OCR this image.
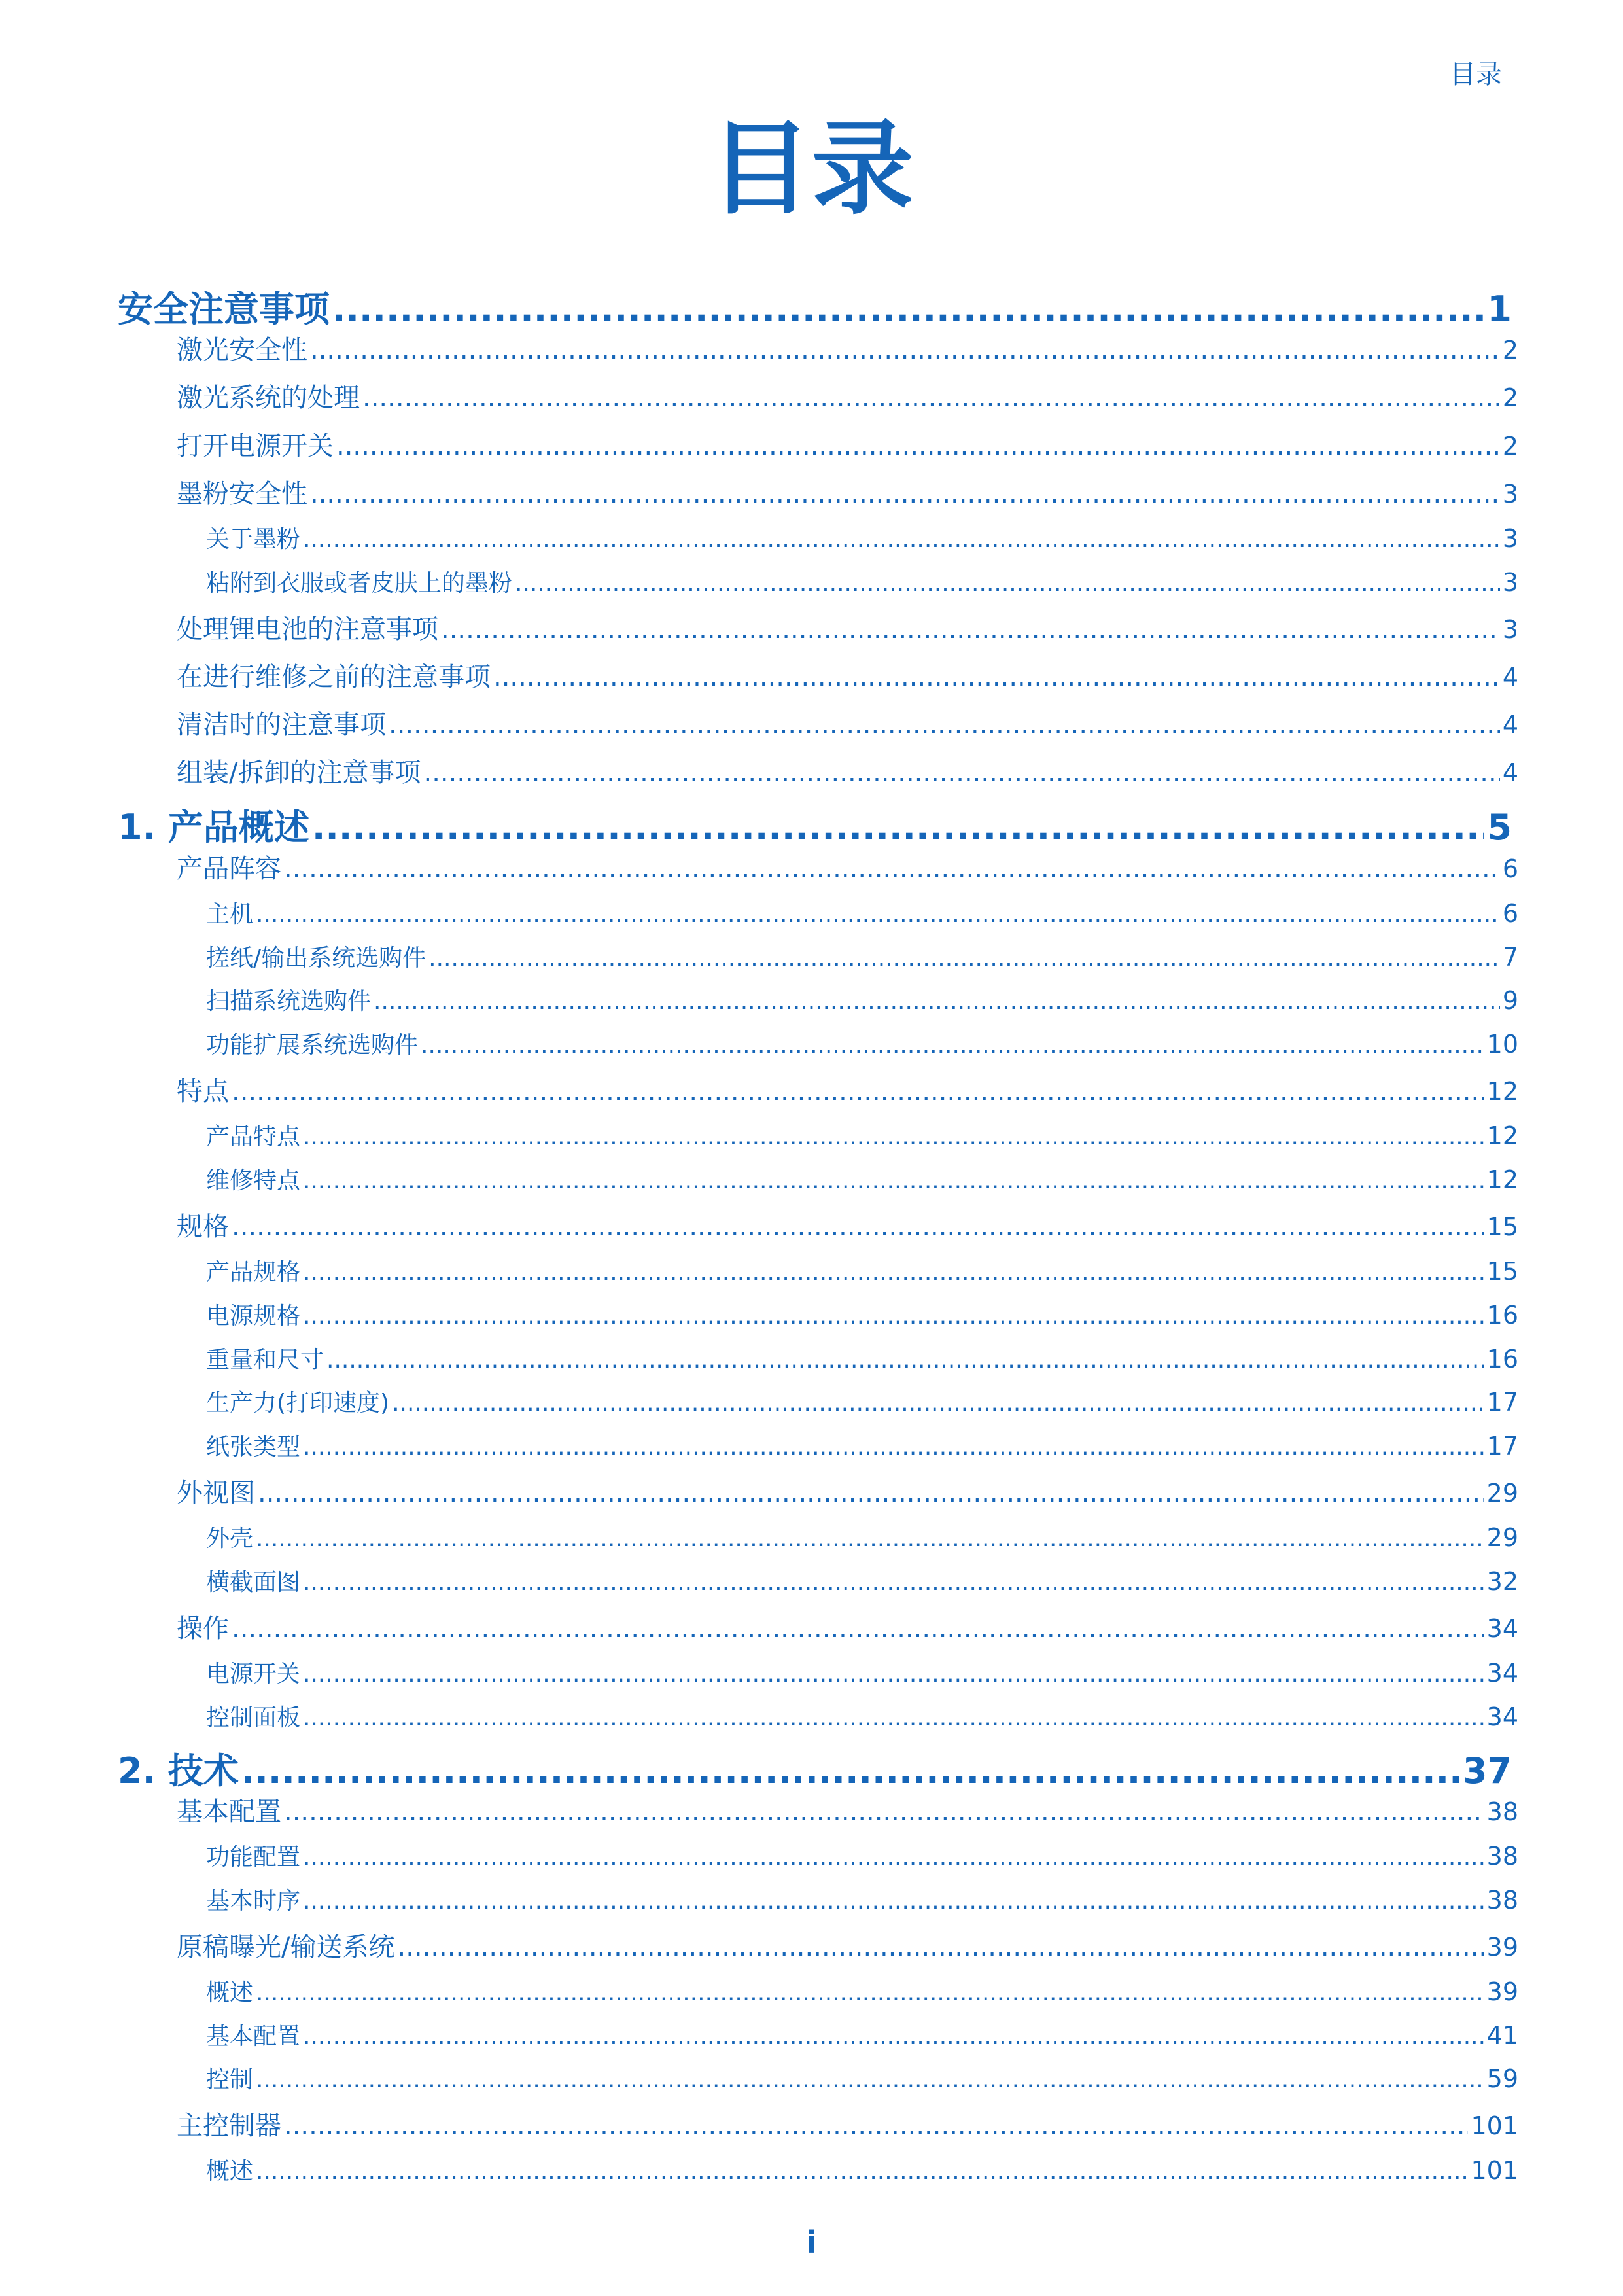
目录
目录
安全注意事项 .....	1
激光安全性 .....	2
激光系统的处理 .....	2
打开电源开关 .....	2
墨粉安全性 .....	3
关于墨粉 .....	3
粘附到衣服或者皮肤上的墨粉 .....	3
处理锂电池的注意事项 .....	3
在进行维修之前的注意事项 .....	4
清洁时的注意事项 .....	4
组装/拆卸的注意事项 .....	4
1. 产品概述 .....	5
产品阵容 .....	6
主机 .....	6
搓纸/输出系统选购件 .....	7
扫描系统选购件 .....	9
功能扩展系统选购件 .....	10
特点 .....	12
产品特点 .....	12
维修特点 .....	12
规格 .....	15
产品规格 .....	15
电源规格 .....	16
重量和尺寸 .....	16
生产力(打印速度) .....	17
纸张类型 .....	17
外视图 .....	29
外壳 .....	29
横截面图 .....	32
操作 .....	34
电源开关 .....	34
控制面板 .....	34
2. 技术 .....	37
基本配置 .....	38
功能配置 .....	38
基本时序 .....	38
原稿曝光/输送系统 .....	39
概述 .....	39
基本配置 .....	41
控制 .....	59
主控制器 .....	101
概述 .....	101
i
